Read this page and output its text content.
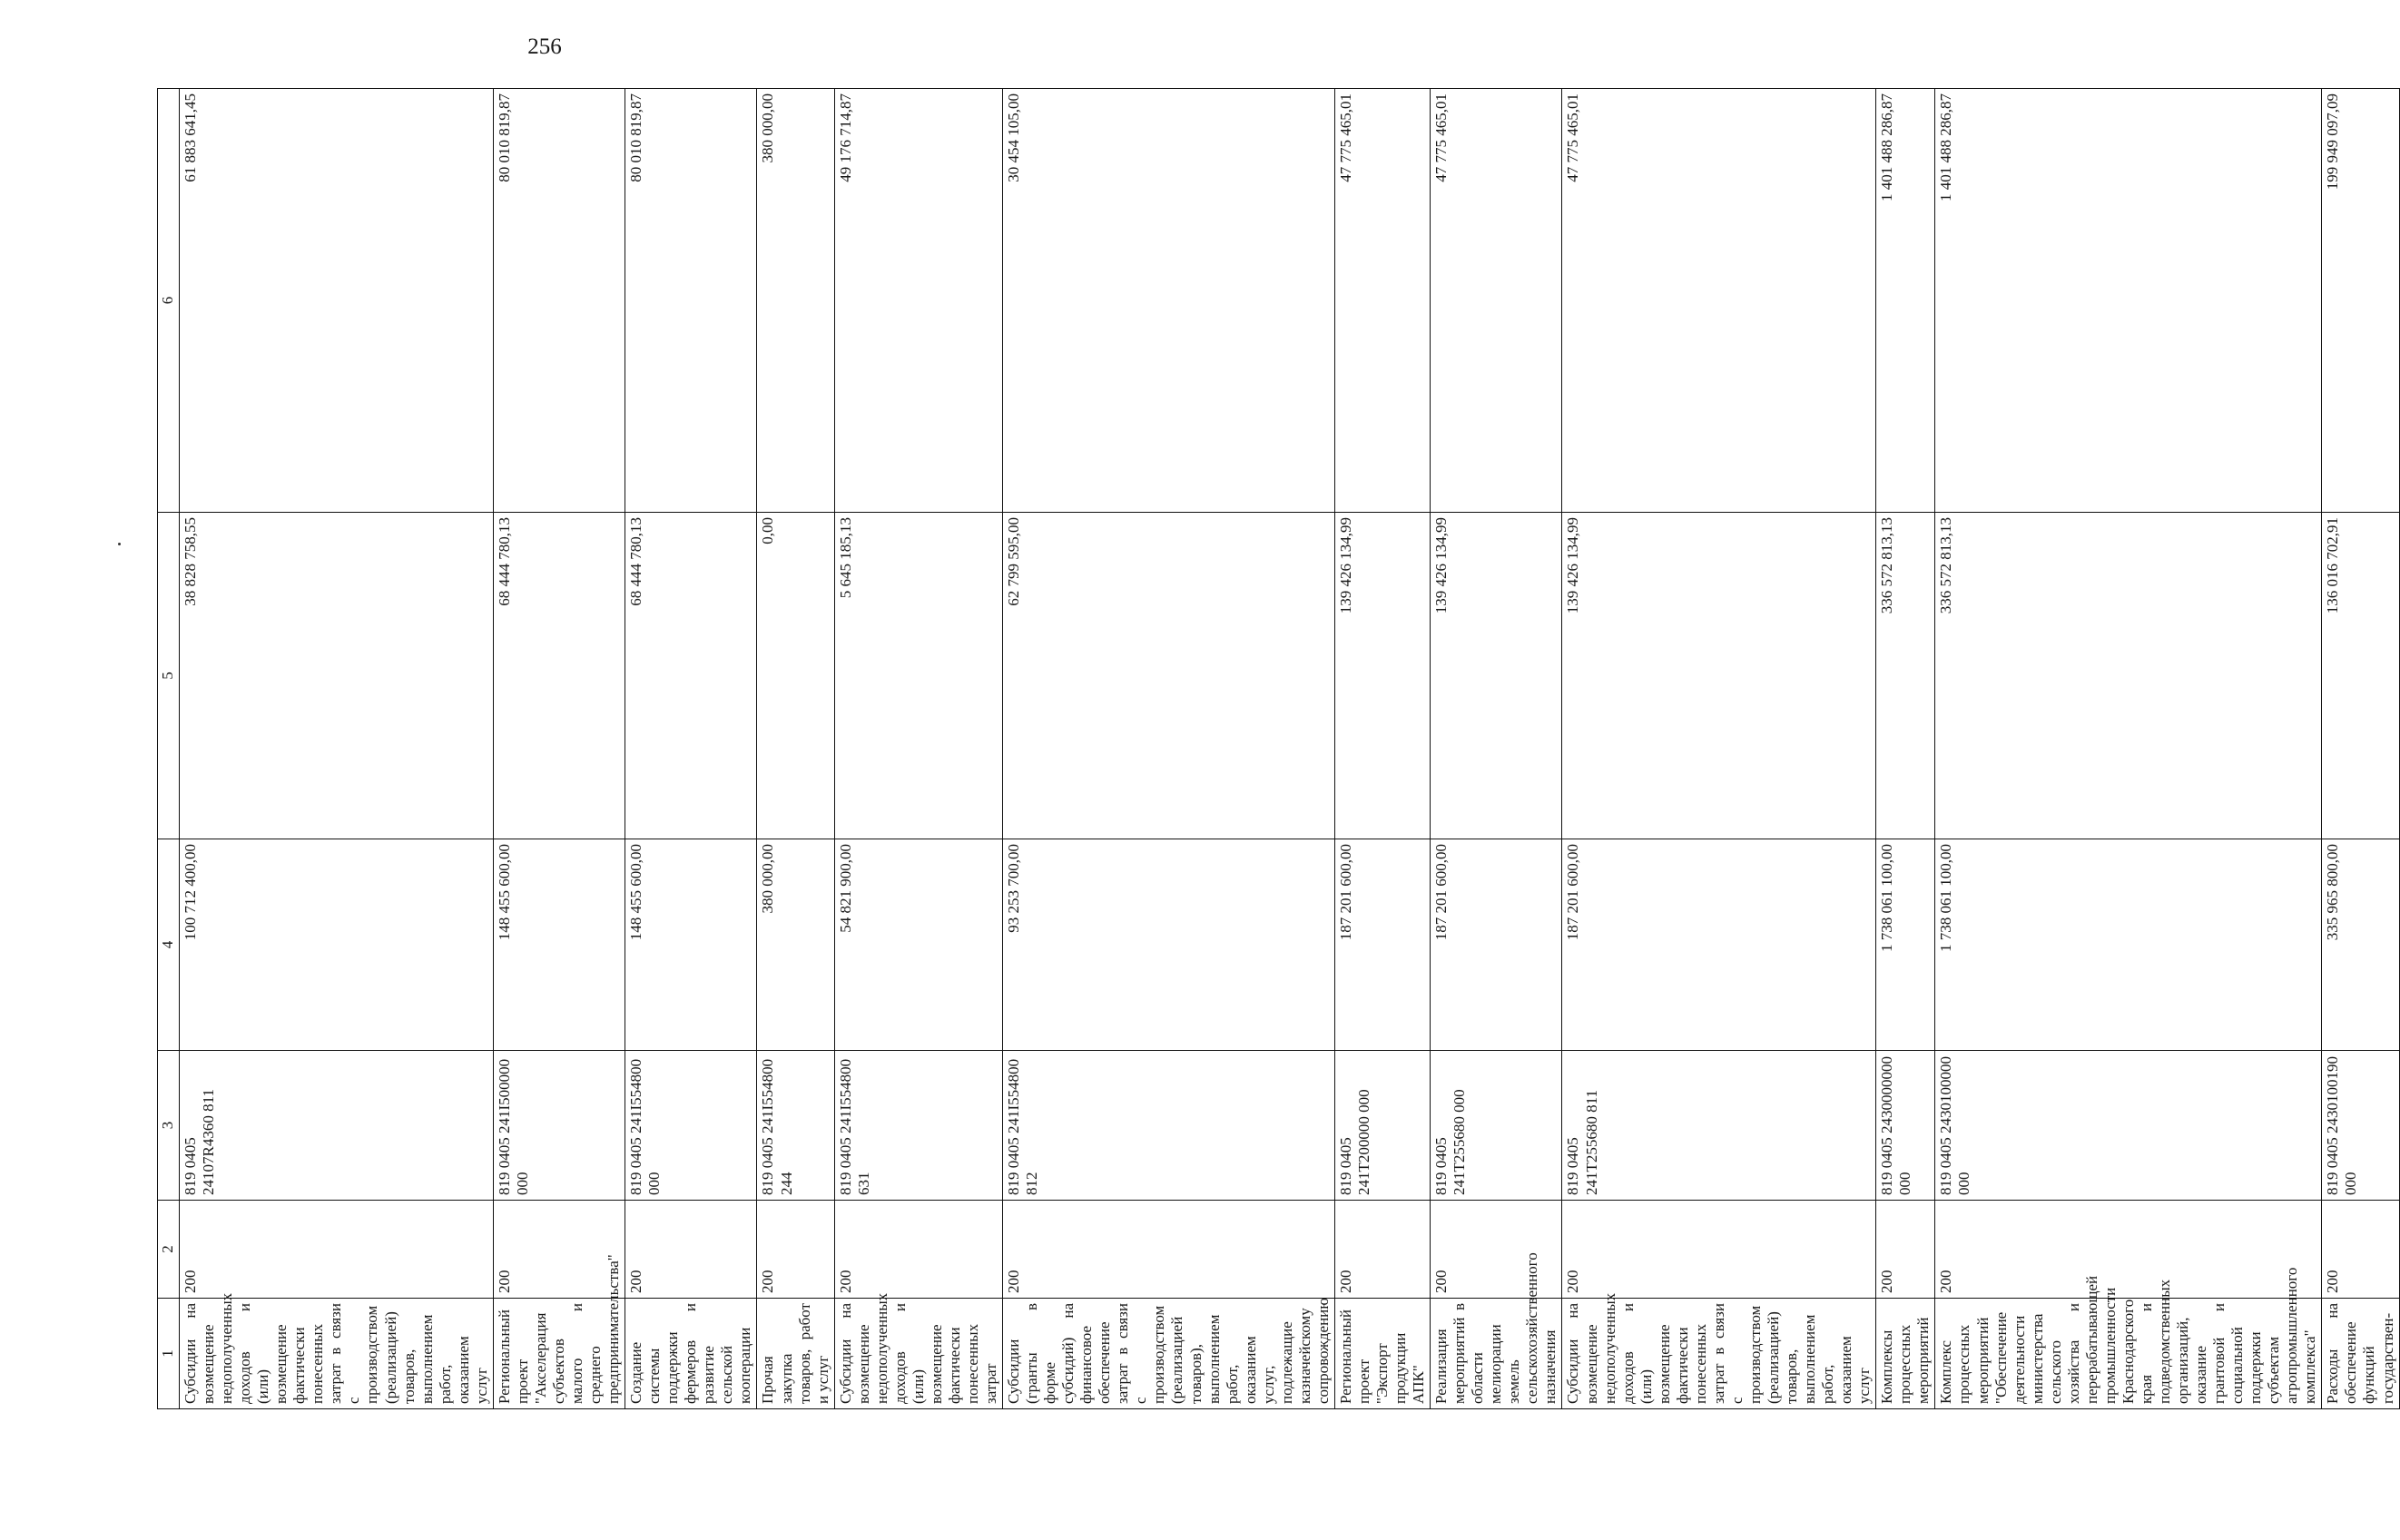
256
1	2	3	4	5	6
Субсидии на возмещение недополученных доходов и (или) возмещение фактически понесенных затрат в связи с производством (реализацией) товаров, выполнением работ, оказанием услуг	200	819 0405 24107R4360 811	100 712 400,00	38 828 758,55	61 883 641,45
Региональный проект "Акселерация субъектов малого и среднего предпринимательства"	200	819 0405 241I500000 000	148 455 600,00	68 444 780,13	80 010 819,87
Создание системы поддержки фермеров и развитие сельской кооперации	200	819 0405 241I554800 000	148 455 600,00	68 444 780,13	80 010 819,87
Прочая закупка товаров, работ и услуг	200	819 0405 241I554800 244	380 000,00	0,00	380 000,00
Субсидии на возмещение недополученных доходов и (или) возмещение фактически понесенных затрат	200	819 0405 241I554800 631	54 821 900,00	5 645 185,13	49 176 714,87
Субсидии (гранты в форме субсидий) на финансовое обеспечение затрат в связи с производством (реализацией товаров), выполнением работ, оказанием услуг, подлежащие казначейскому сопровождению	200	819 0405 241I554800 812	93 253 700,00	62 799 595,00	30 454 105,00
Региональный проект "Экспорт продукции АПК"	200	819 0405 241T200000 000	187 201 600,00	139 426 134,99	47 775 465,01
Реализация мероприятий в области мелиорации земель сельскохозяйственного назначения	200	819 0405 241T255680 000	187 201 600,00	139 426 134,99	47 775 465,01
Субсидии на возмещение недополученных доходов и (или) возмещение фактически понесенных затрат в связи с производством (реализацией) товаров, выполнением работ, оказанием услуг	200	819 0405 241T255680 811	187 201 600,00	139 426 134,99	47 775 465,01
Комплексы процессных мероприятий	200	819 0405 2430000000 000	1 738 061 100,00	336 572 813,13	1 401 488 286,87
Комплекс процессных мероприятий "Обеспечение деятельности министерства сельского хозяйства и перерабатывающей промышленности Краснодарского края и подведомственных организаций, оказание грантовой и социальной поддержки субъектам агропромышленного комплекса"	200	819 0405 2430100000 000	1 738 061 100,00	336 572 813,13	1 401 488 286,87
Расходы на обеспечение функций государствен-	200	819 0405 2430100190 000	335 965 800,00	136 016 702,91	199 949 097,09
